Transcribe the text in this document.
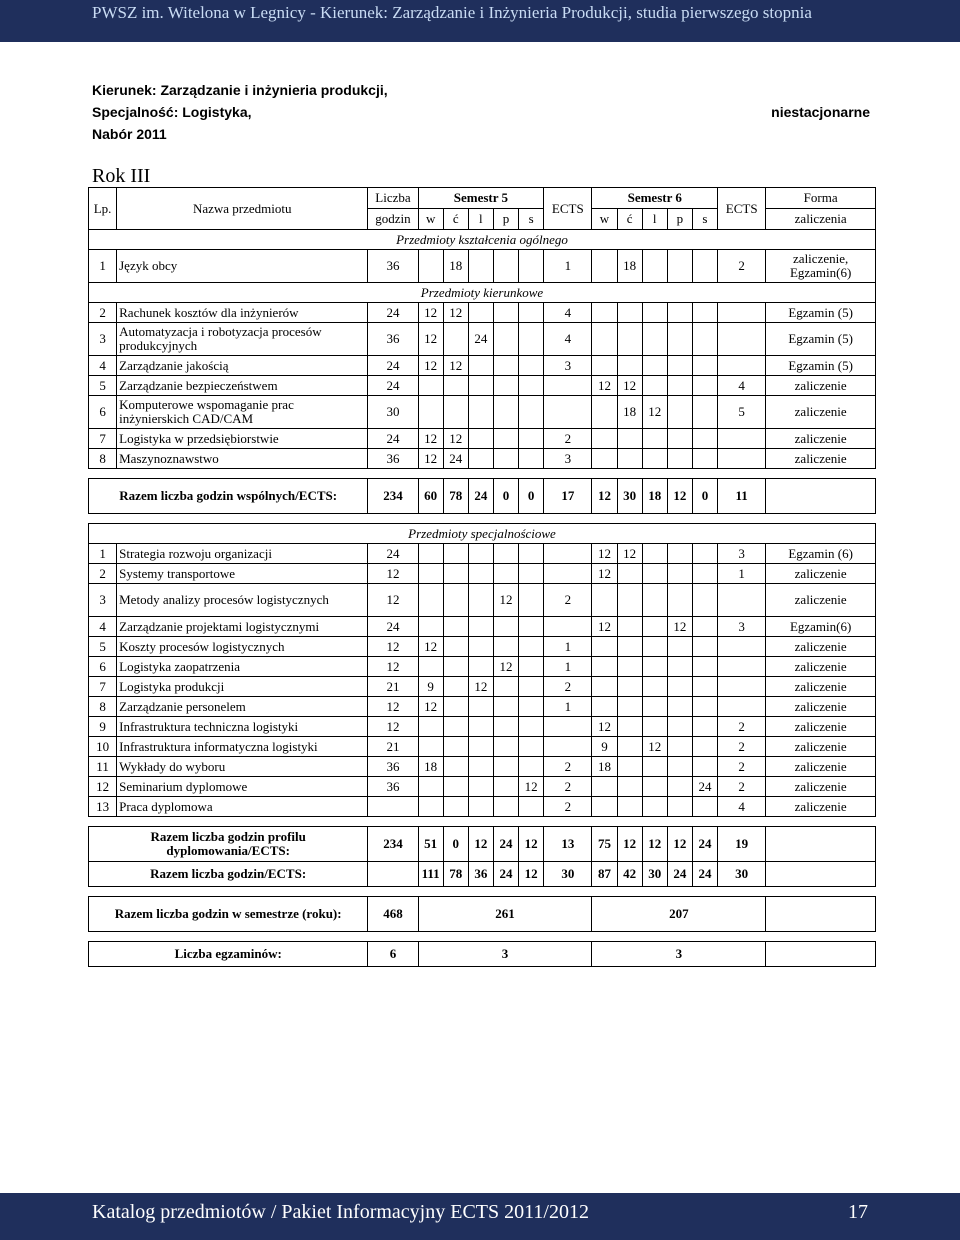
PWSZ im. Witelona w Legnicy - Kierunek: Zarządzanie i Inżynieria Produkcji, studia pierwszego stopnia
Kierunek: Zarządzanie i inżynieria produkcji,
Specjalność: Logistyka,
Nabór 2011
niestacjonarne
Rok III
Lp.	Nazwa przedmiotu	Liczba	Semestr 5					ECTS	Semestr 6					ECTS	Forma
		godzin	w	ć	l	p	s		w	ć	l	p	s		zaliczenia
Przedmioty kształcenia ogólnego															
1	Język obcy	36		18				1		18				2	zaliczenie, Egzamin(6)
Przedmioty kierunkowe															
2	Rachunek kosztów dla inżynierów	24	12	12				4							Egzamin (5)
3	Automatyzacja i robotyzacja procesów produkcyjnych	36	12		24			4							Egzamin (5)
4	Zarządzanie jakością	24	12	12				3							Egzamin (5)
5	Zarządzanie bezpieczeństwem	24							12	12				4	zaliczenie
6	Komputerowe wspomaganie prac inżynierskich CAD/CAM	30								18	12			5	zaliczenie
7	Logistyka w przedsiębiorstwie	24	12	12				2							zaliczenie
8	Maszynoznawstwo	36	12	24				3							zaliczenie

Razem liczba godzin wspólnych/ECTS:		234	60	78	24	0	0	17	12	30	18	12	0	11	

Przedmioty specjalnościowe															
1	Strategia rozwoju organizacji	24							12	12				3	Egzamin (6)
2	Systemy transportowe	12							12					1	zaliczenie
3	Metody analizy procesów logistycznych	12				12		2							zaliczenie
4	Zarządzanie projektami logistycznymi	24							12			12		3	Egzamin(6)
5	Koszty procesów logistycznych	12	12					1							zaliczenie
6	Logistyka zaopatrzenia	12				12		1							zaliczenie
7	Logistyka produkcji	21	9		12			2							zaliczenie
8	Zarządzanie personelem	12	12					1							zaliczenie
9	Infrastruktura techniczna logistyki	12							12					2	zaliczenie
10	Infrastruktura informatyczna logistyki	21							9		12			2	zaliczenie
11	Wykłady do wyboru	36	18					2	18					2	zaliczenie
12	Seminarium dyplomowe	36					12	2					24	2	zaliczenie
13	Praca dyplomowa							2						4	zaliczenie

Razem liczba godzin profilu dyplomowania/ECTS:		234	51	0	12	24	12	13	75	12	12	12	24	19	
Razem liczba godzin/ECTS:			111	78	36	24	12	30	87	42	30	24	24	30	

Razem liczba godzin w semestrze (roku):		468	261						207						

Liczba egzaminów:		6	3						3						
Katalog przedmiotów / Pakiet Informacyjny ECTS 2011/2012	17
